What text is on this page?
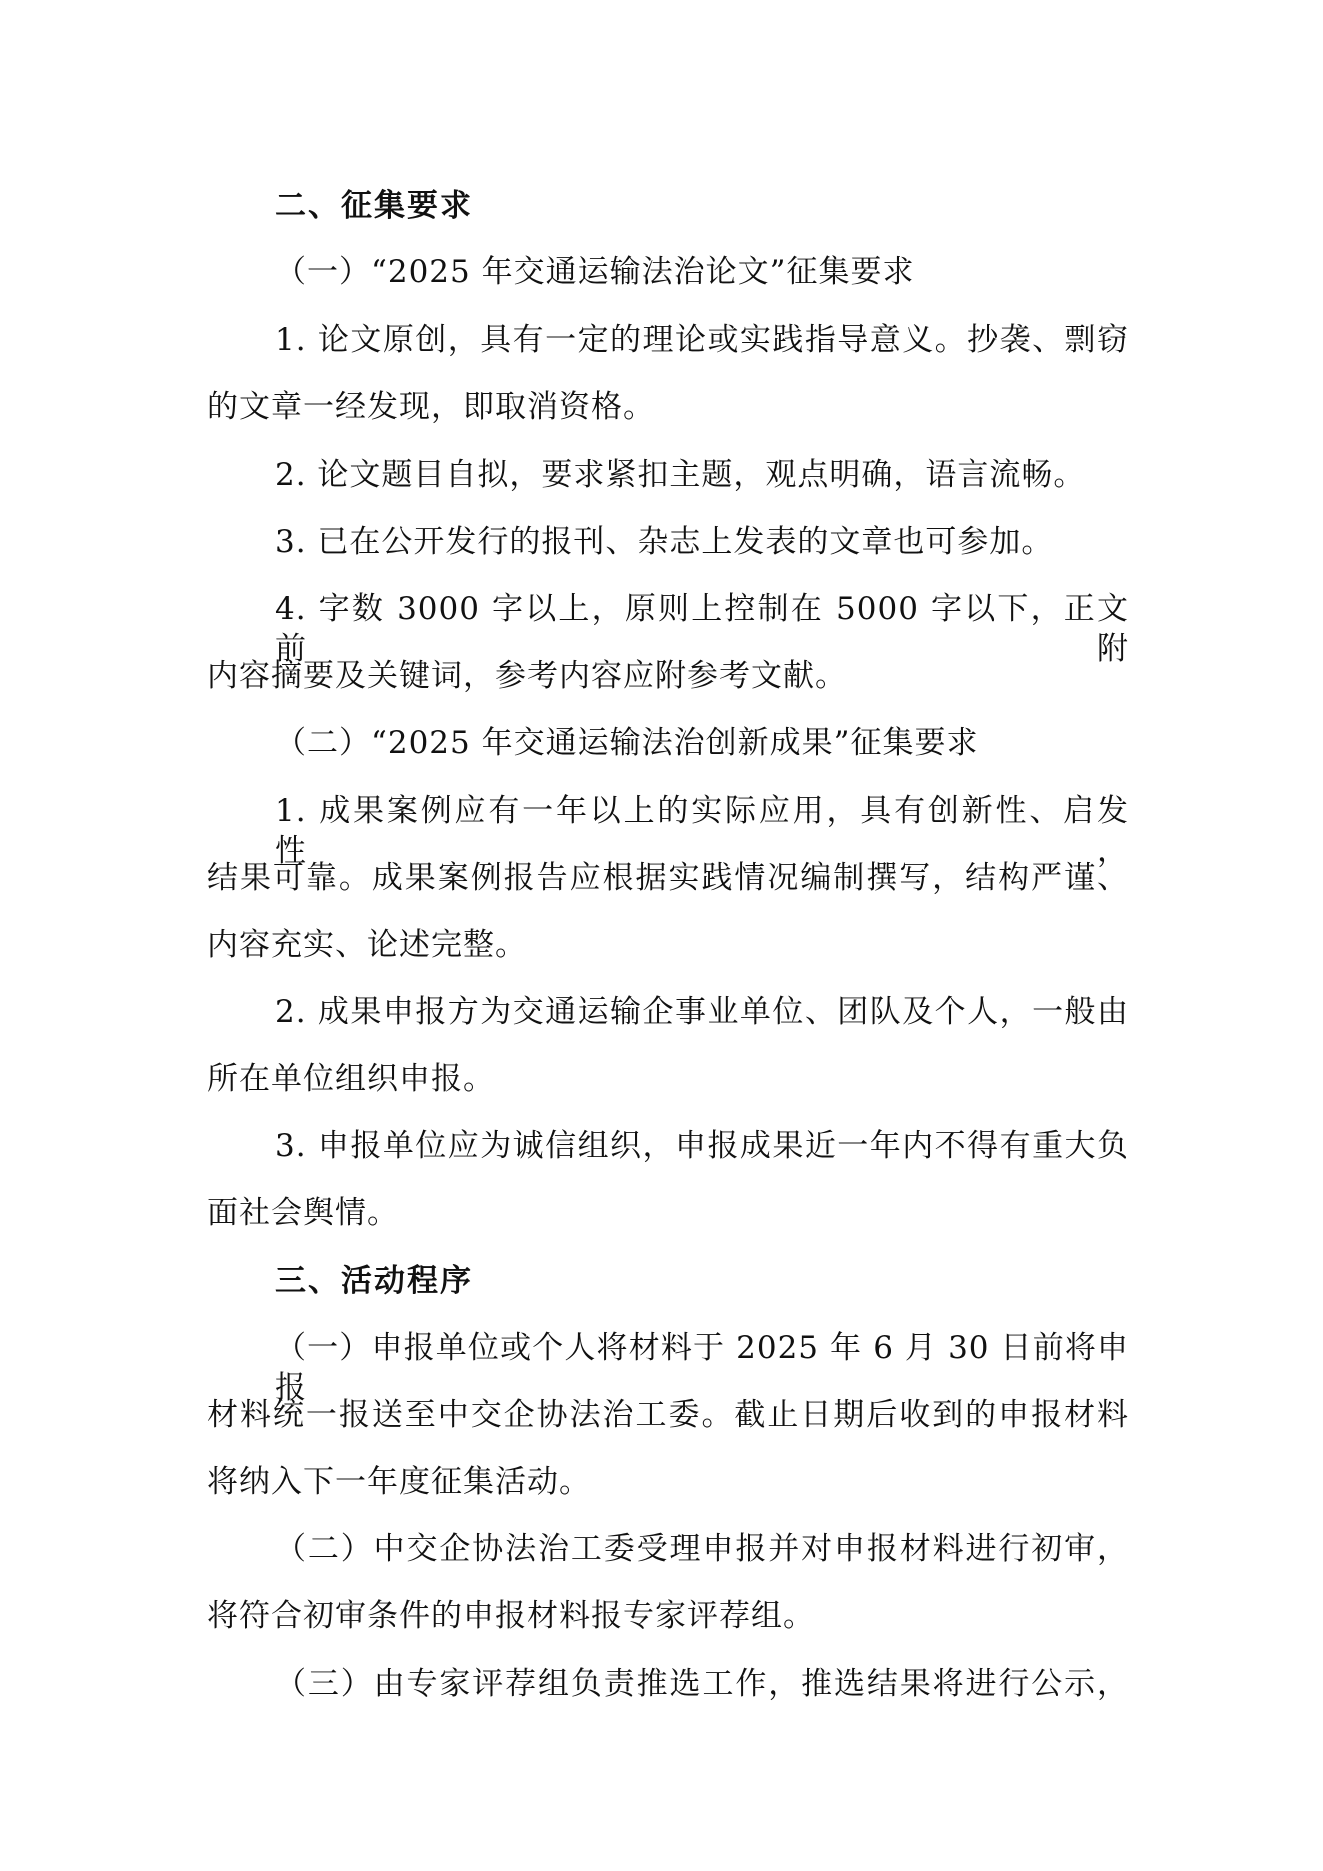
二、征集要求
（一）“2025 年交通运输法治论文”征集要求
1. 论文原创，具有一定的理论或实践指导意义。抄袭、剽窃
的文章一经发现，即取消资格。
2. 论文题目自拟，要求紧扣主题，观点明确，语言流畅。
3. 已在公开发行的报刊、杂志上发表的文章也可参加。
4. 字数 3000 字以上，原则上控制在 5000 字以下，正文前附
内容摘要及关键词，参考内容应附参考文献。
（二）“2025 年交通运输法治创新成果”征集要求
1. 成果案例应有一年以上的实际应用，具有创新性、启发性，
结果可靠。成果案例报告应根据实践情况编制撰写，结构严谨、
内容充实、论述完整。
2. 成果申报方为交通运输企事业单位、团队及个人，一般由
所在单位组织申报。
3. 申报单位应为诚信组织，申报成果近一年内不得有重大负
面社会舆情。
三、活动程序
（一）申报单位或个人将材料于 2025 年 6 月 30 日前将申报
材料统一报送至中交企协法治工委。截止日期后收到的申报材料
将纳入下一年度征集活动。
（二）中交企协法治工委受理申报并对申报材料进行初审，
将符合初审条件的申报材料报专家评荐组。
（三）由专家评荐组负责推选工作，推选结果将进行公示，
